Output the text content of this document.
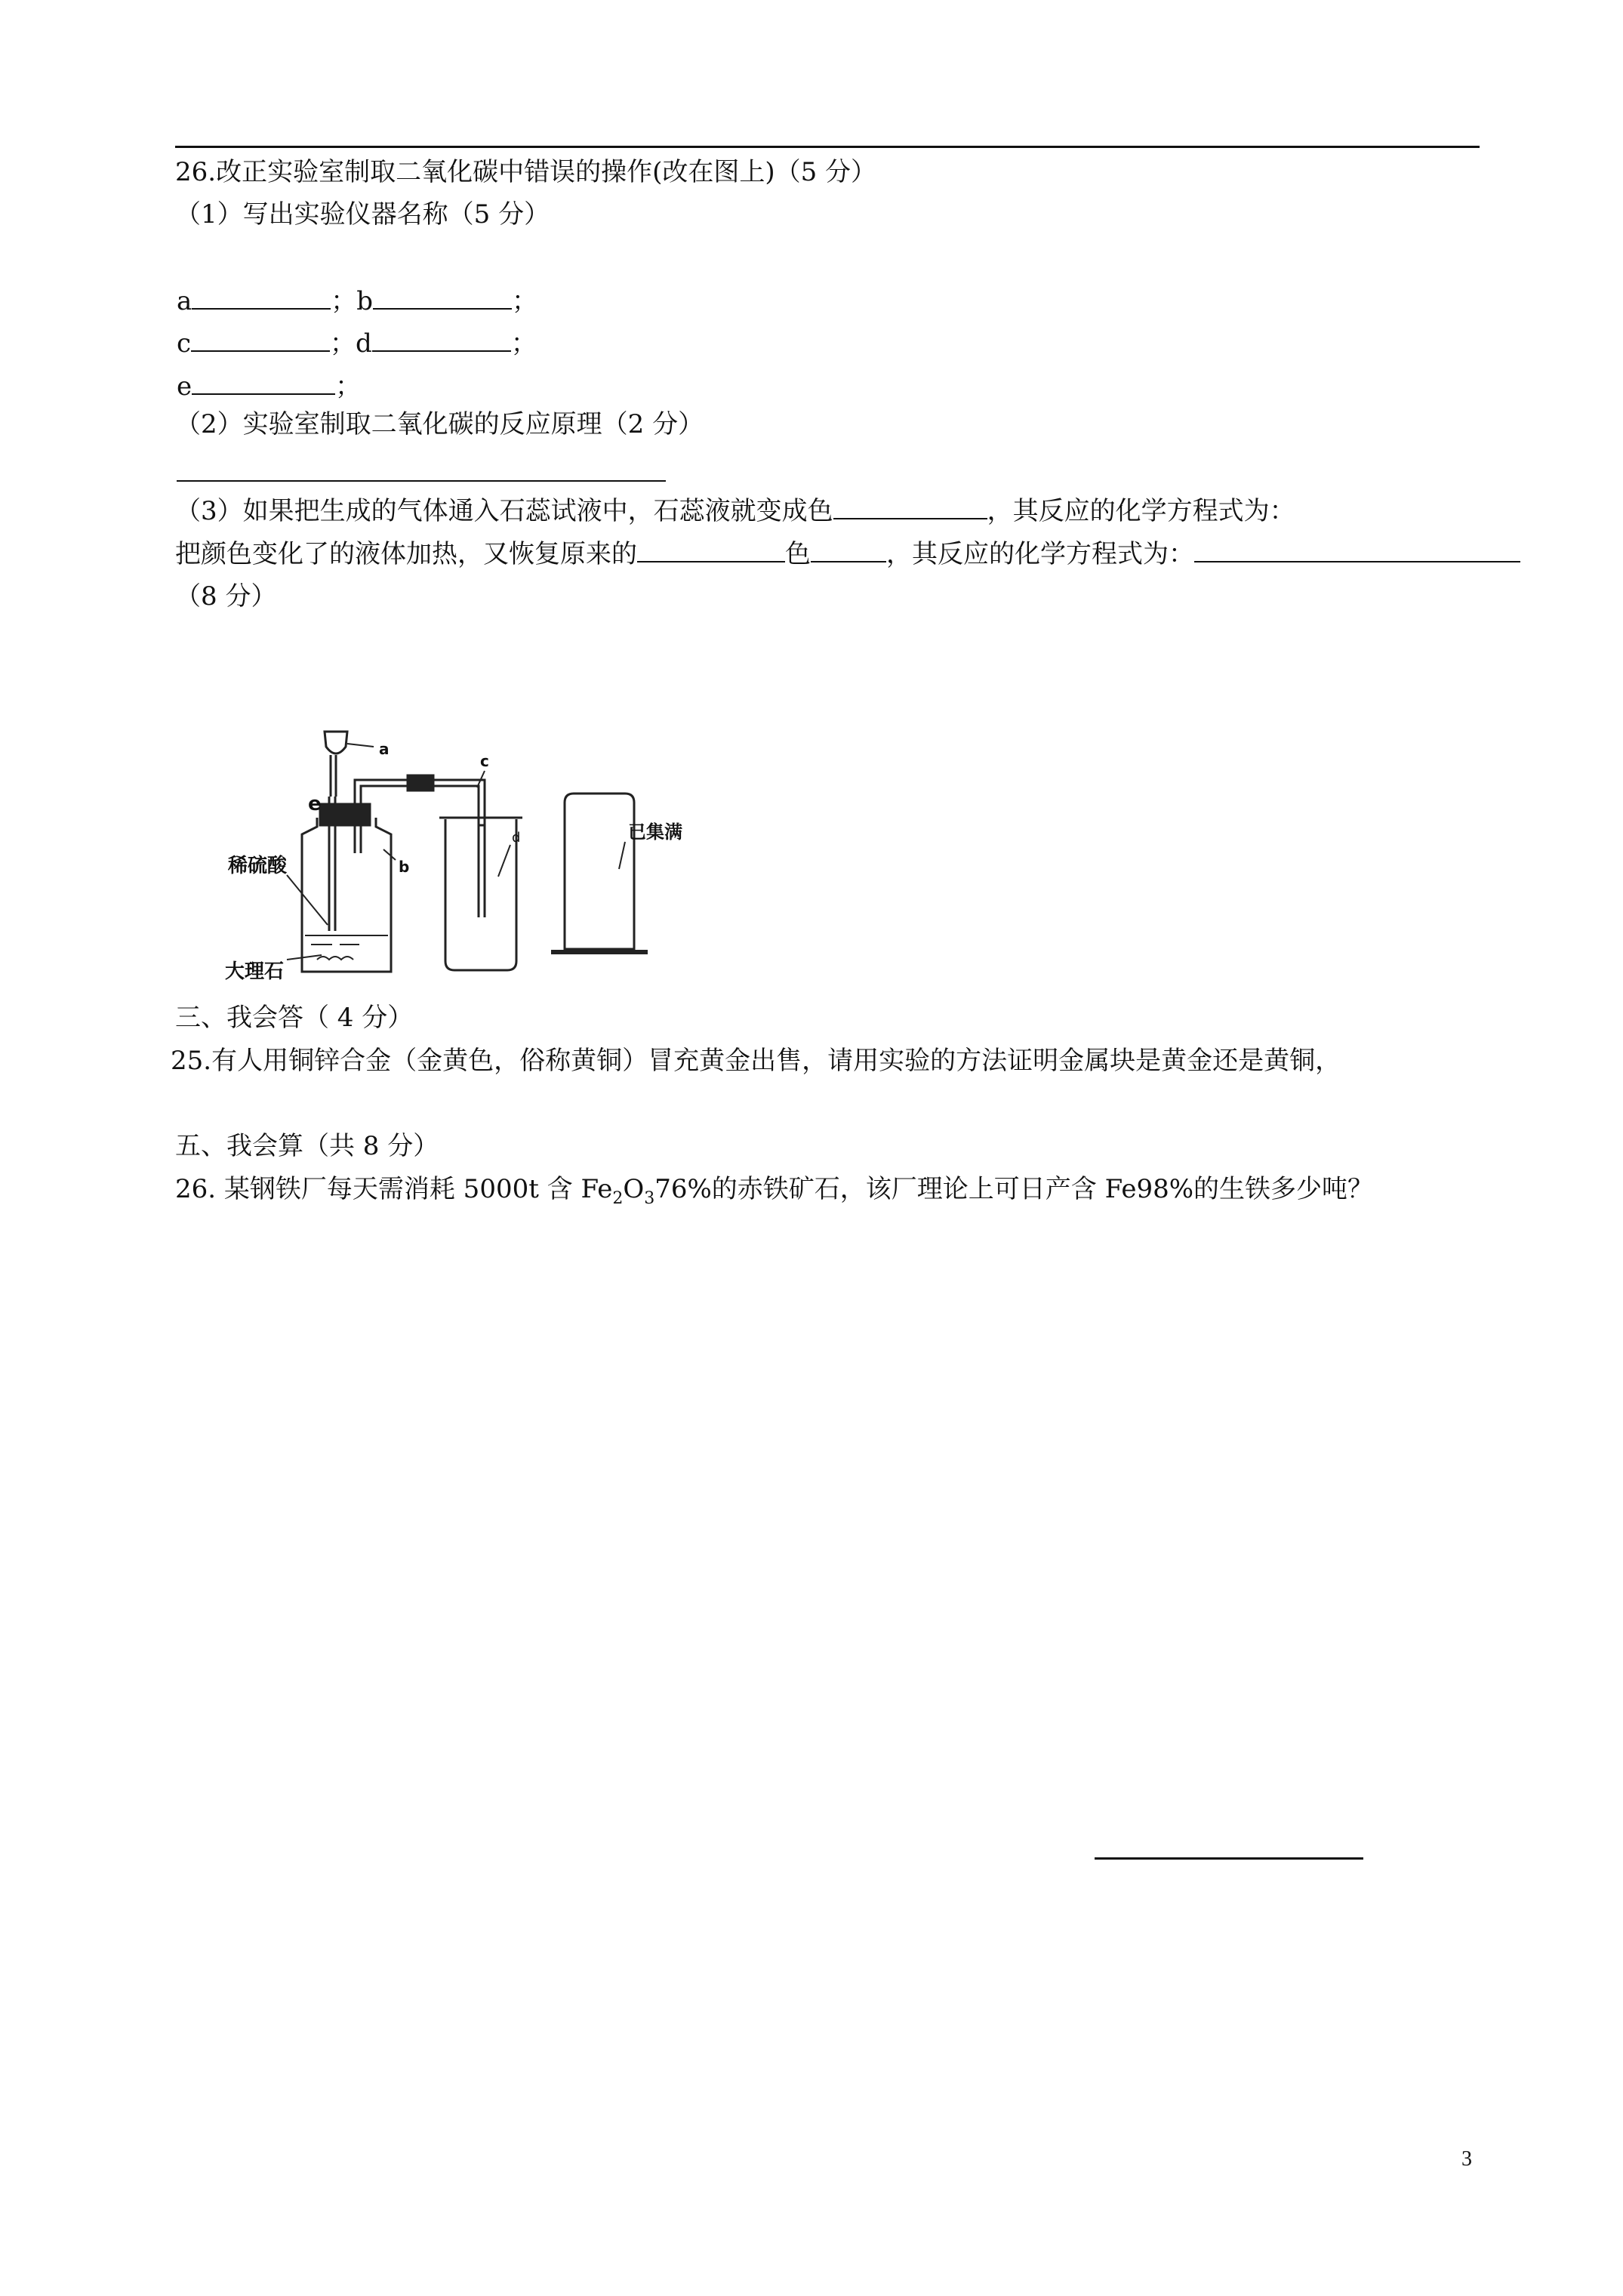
26.改正实验室制取二氧化碳中错误的操作(改在图上)（5 分）
（1）写出实验仪器名称（5 分）
a	；b	；
c	；d	；
e	；
（2）实验室制取二氧化碳的反应原理（2 分）
（3）如果把生成的气体通入石蕊试液中，石蕊液就变成色	，其反应的化学方程式为：
把颜色变化了的液体加热，又恢复原来的	色	，其反应的化学方程式为：
（8 分）
a
e
b
c
d
稀硫酸
大理石
已集满
三、我会答（ 4 分）
25.有人用铜锌合金（金黄色，俗称黄铜）冒充黄金出售，请用实验的方法证明金属块是黄金还是黄铜，
五、我会算（共 8 分）
26. 某钢铁厂每天需消耗 5000t 含 $Fe_2O_376\%$的赤铁矿石，该厂理论上可日产含 Fe98%的生铁多少吨？
3
